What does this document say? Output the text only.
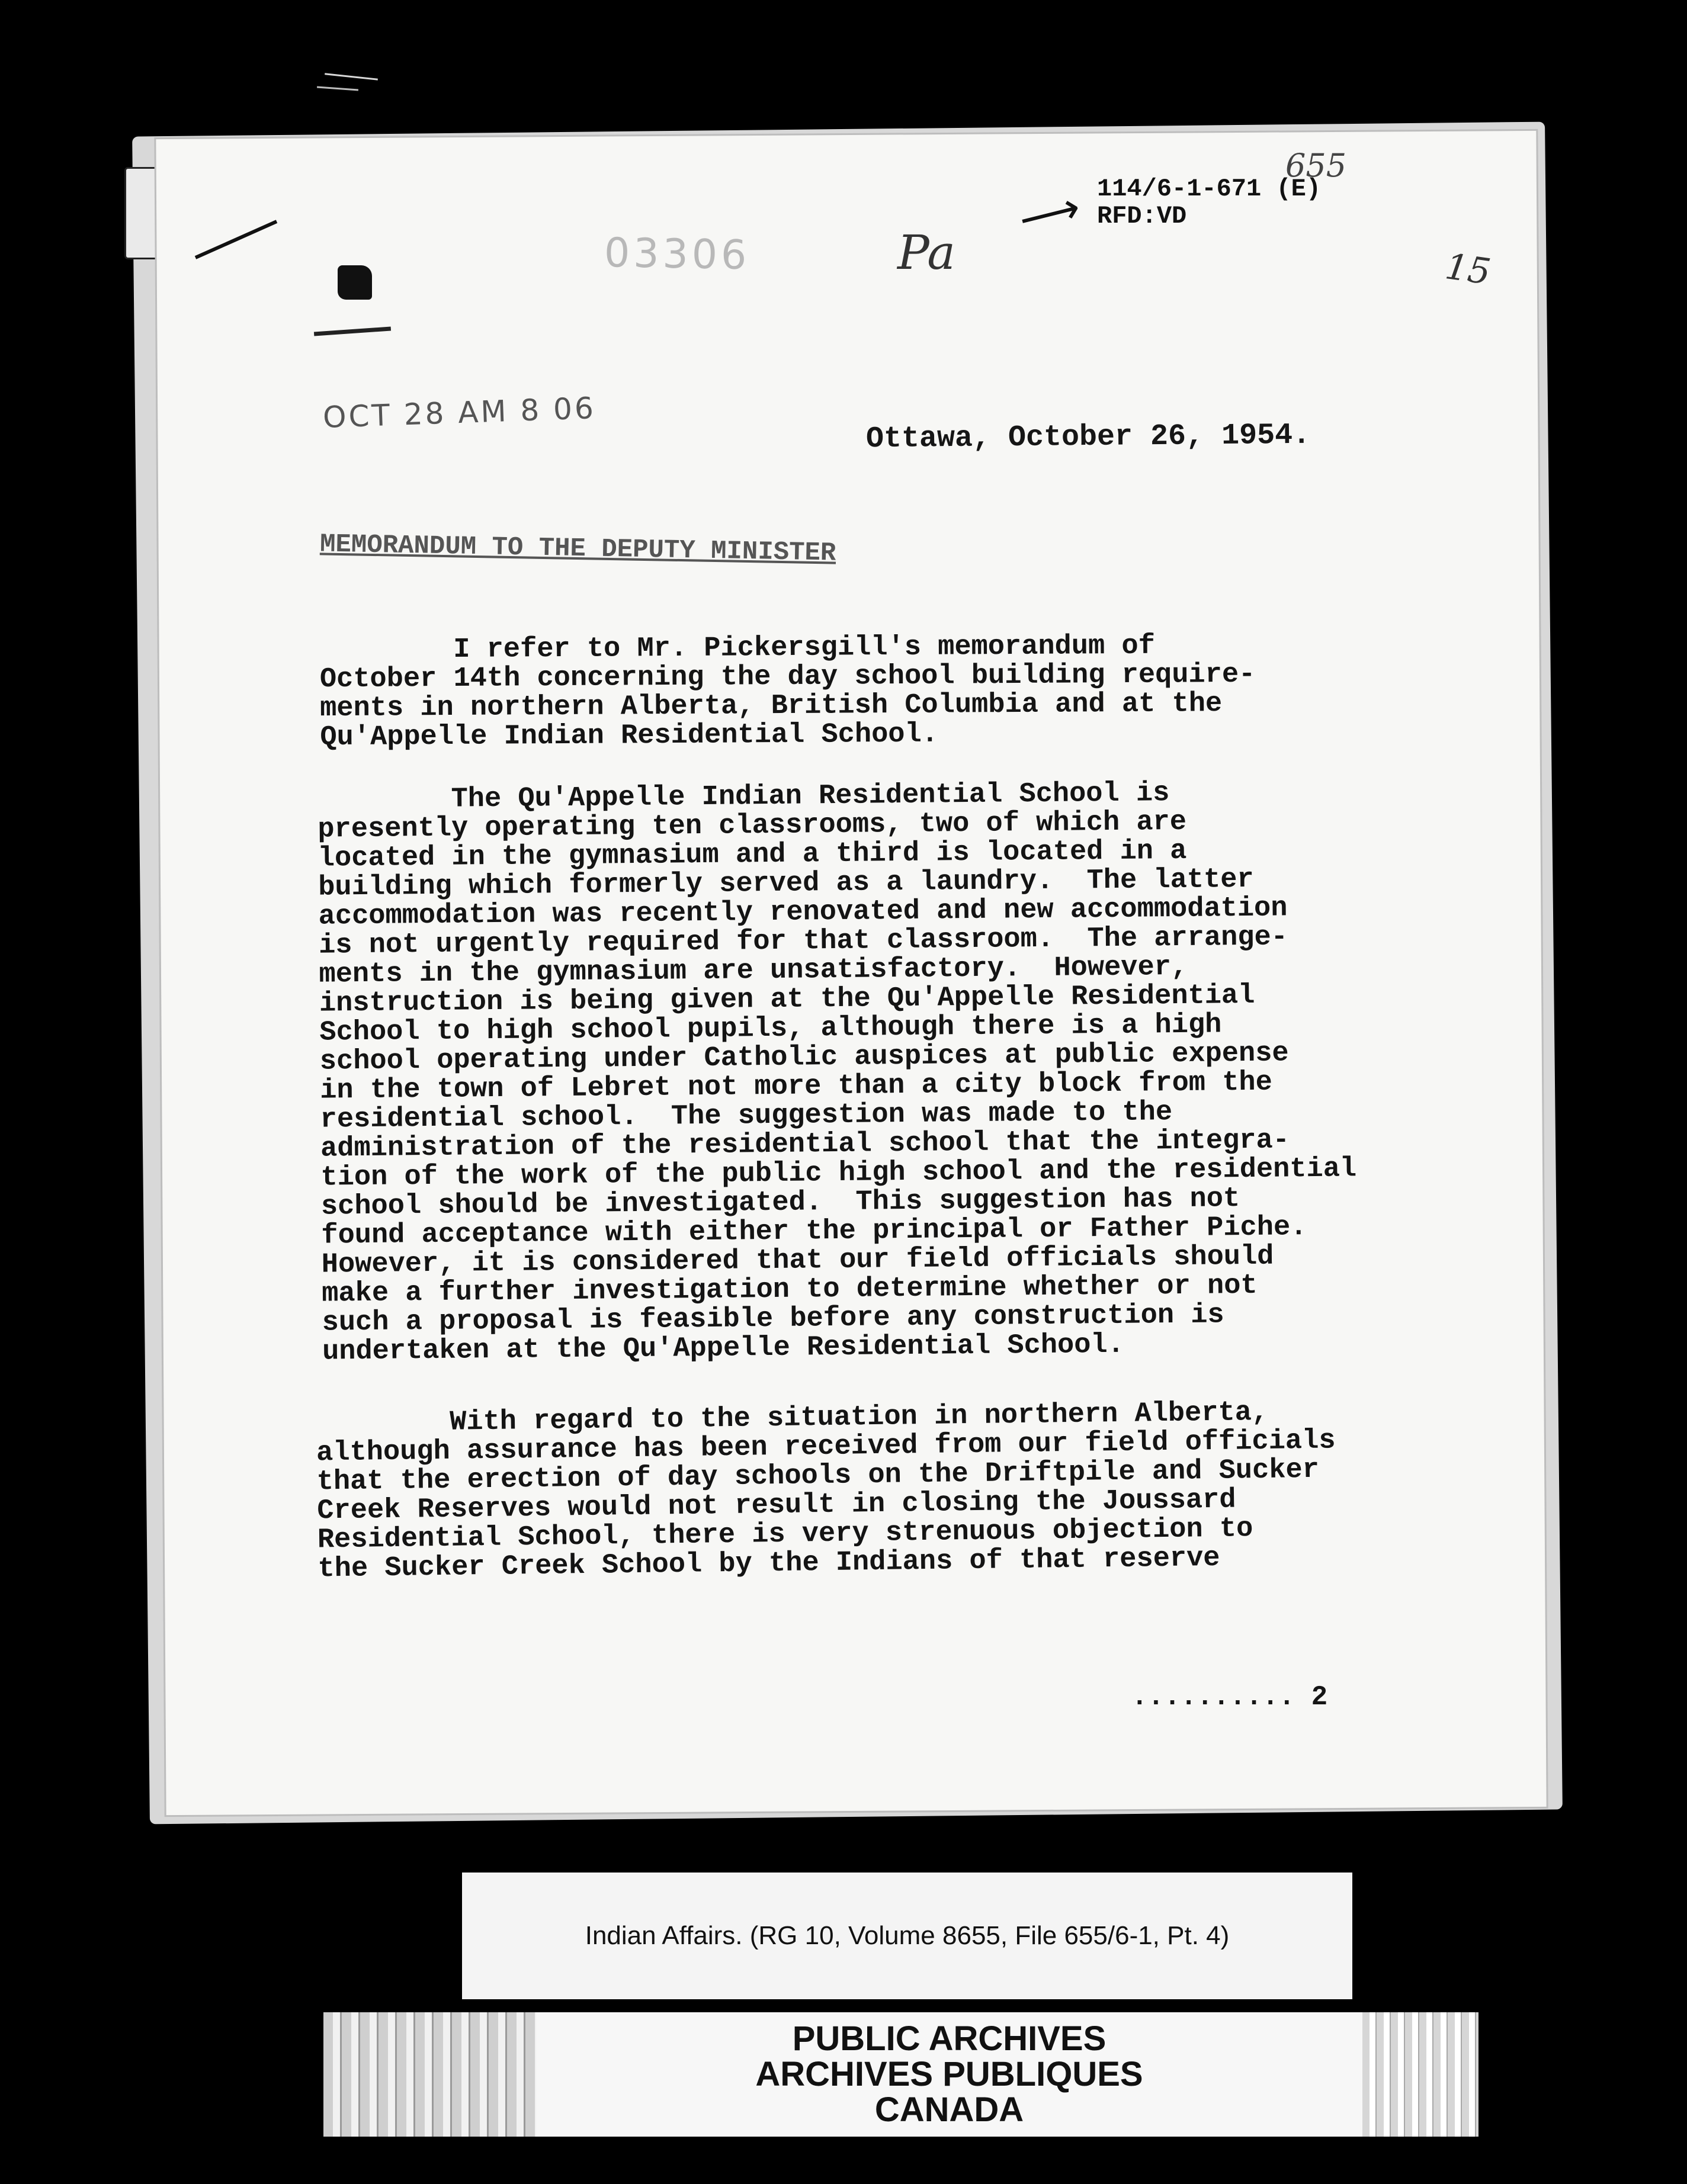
03306	Pa
⟶
655
114/6-1-671 (E)
RFD:VD
15
OCT 28 AM 8 06
Ottawa, October 26, 1954.
MEMORANDUM TO THE DEPUTY MINISTER

I refer to Mr. Pickersgill's memorandum of
October 14th concerning the day school building require-
ments in northern Alberta, British Columbia and at the
Qu'Appelle Indian Residential School.

The Qu'Appelle Indian Residential School is
presently operating ten classrooms, two of which are
located in the gymnasium and a third is located in a
building which formerly served as a laundry.  The latter
accommodation was recently renovated and new accommodation
is not urgently required for that classroom.  The arrange-
ments in the gymnasium are unsatisfactory.  However,
instruction is being given at the Qu'Appelle Residential
School to high school pupils, although there is a high
school operating under Catholic auspices at public expense
in the town of Lebret not more than a city block from the
residential school.  The suggestion was made to the
administration of the residential school that the integra-
tion of the work of the public high school and the residential
school should be investigated.  This suggestion has not
found acceptance with either the principal or Father Piche.
However, it is considered that our field officials should
make a further investigation to determine whether or not
such a proposal is feasible before any construction is
undertaken at the Qu'Appelle Residential School.

With regard to the situation in northern Alberta,
although assurance has been received from our field officials
that the erection of day schools on the Driftpile and Sucker
Creek Reserves would not result in closing the Joussard
Residential School, there is very strenuous objection to
the Sucker Creek School by the Indians of that reserve

.......... 2
Indian Affairs. (RG 10, Volume 8655, File 655/6-1, Pt. 4)
PUBLIC ARCHIVES
ARCHIVES PUBLIQUES
CANADA
